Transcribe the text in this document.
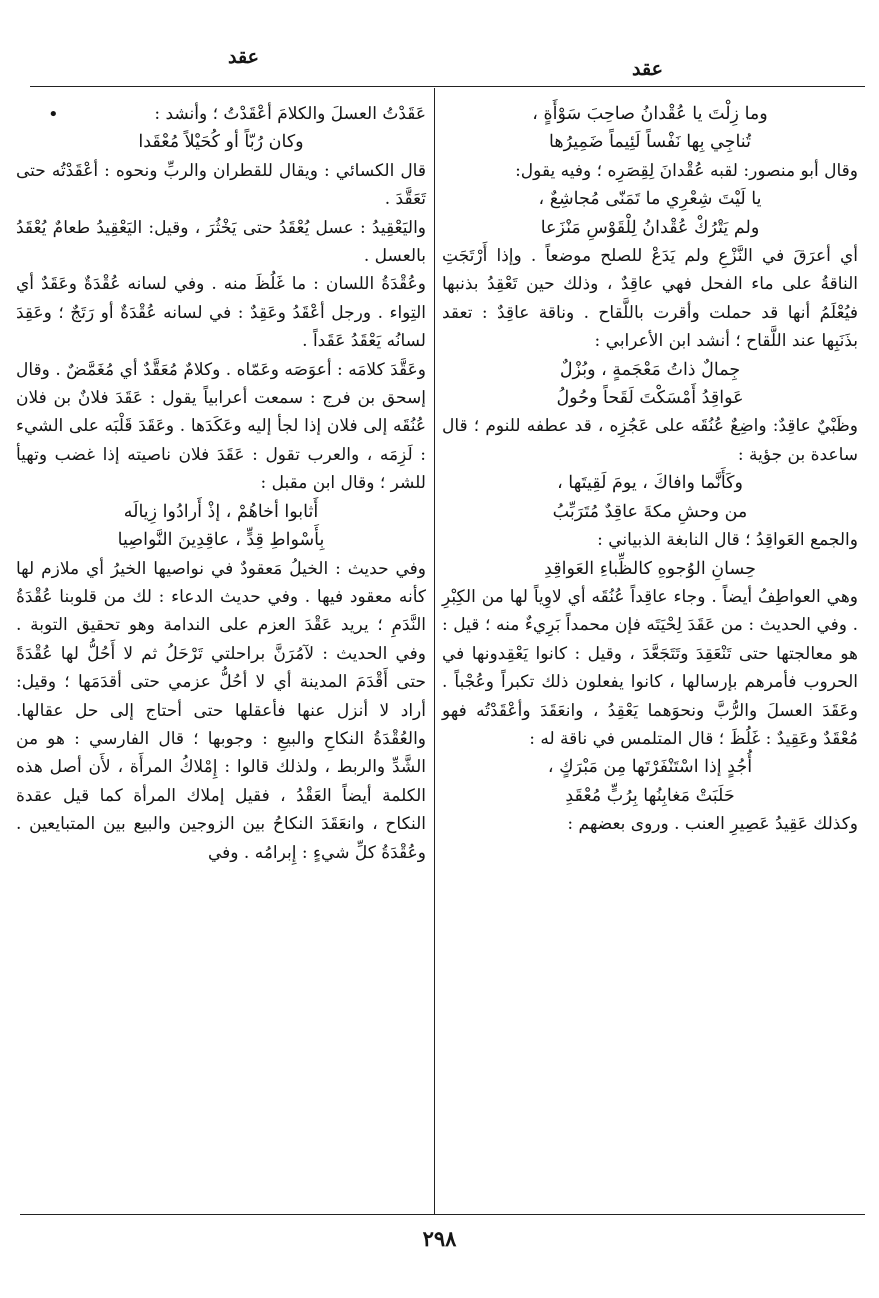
عقد
عقد
•	وما زِلْتَ يا عُقْدانُ صاحِبَ سَوْأَةٍ ،

تُناجِي بِها نَفْساً لَئِيماً ضَمِيرُها

وقال أبو منصور: لقبه عُقْدانَ لِقِصَرِه ؛ وفيه يقول:

يا لَيْتَ شِعْرِي ما تَمَنّى مُجاشِعٌ ،

ولم يَتْرُكْ عُقْدانُ لِلْقَوْسِ مَنْزَعا

أي أعرَقَ في النَّزْعِ ولم يَدَعْ للصلح موضعاً . وإذا أَرْتَجَتِ الناقةُ على ماء الفحل فهي عاقِدٌ ، وذلك حين تَعْقِدُ بذنبها فيُعْلَمُ أنها قد حملت وأقرت باللَّقاح . وناقة عاقِدٌ : تعقد بذَنَبِها عند اللَّقاح ؛ أنشد ابن الأعرابي :

جِمالٌ ذاتُ مَعْجَمةٍ ، وبُزْلٌ

عَواقِدُ أَمْسَكْتَ لَقَحاً وحُولُ

وظَبْيٌ عاقِدٌ: واضِعٌ عُنُقَه على عَجُزِه ، قد عطفه للنوم ؛ قال ساعدة بن جؤية :

وكَأَنَّما وافاكَ ، يومَ لَقِيتَها ،

من وحشِ مكةَ عاقِدٌ مُتَرَبِّبُ

والجمع العَواقِدُ ؛ قال النابغة الذبياني :

حِسانِ الوُجوهِ كالظِّباءِ العَواقِدِ

وهي العواطِفُ أيضاً . وجاء عاقِداً عُنُقَه أي لاوِياً لها من الكِبْرِ . وفي الحديث : من عَقَدَ لِحْيَتَه فإن محمداً بَرِيءٌ منه ؛ قيل : هو معالجتها حتى تَنْعَقِدَ وتَتَجَعَّدَ ، وقيل : كانوا يَعْقِدونها في الحروب فأمرهم بإرسالها ، كانوا يفعلون ذلك تكبراً وعُجْباً . وعَقَدَ العسلَ والرُّبَّ ونحوَهما يَعْقِدُ ، وانعَقَدَ وأعْقَدْتُه فهو مُعْقَدٌ وعَقِيدٌ : غَلُظَ ؛ قال المتلمس في ناقة له :

أُجُدٍ إذا اسْتَنْفَرْتَها مِن مَبْرَكٍ ،

حَلَبَتْ مَغابِنُها بِرُبٍّ مُعْقَدِ

وكذلك عَقِيدُ عَصِيرِ العنب . وروى بعضهم :

عَقَدْتُ العسلَ والكلامَ أعْقَدْتُ ؛ وأنشد :

وكان رُبّاً أو كُحَيْلاً مُعْقَدا

قال الكسائي : ويقال للقطران والربِّ ونحوه : أعْقَدْتُه حتى تَعَقَّدَ .

واليَعْقِيدُ : عسل يُعْقَدُ حتى يَخْثُرَ ، وقيل: اليَعْقِيدُ طعامٌ يُعْقَدُ بالعسل .

وعُقْدَةُ اللسان : ما غَلُظَ منه . وفي لسانه عُقْدَةٌ وعَقَدٌ أي التِواء . ورجل أعْقَدُ وعَقِدٌ : في لسانه عُقْدَةٌ أو رَتَجٌ ؛ وعَقِدَ لسانُه يَعْقَدُ عَقَداً .

وعَقَّدَ كلامَه : أعوَصَه وعَمّاه . وكلامٌ مُعَقَّدٌ أي مُغَمَّضٌ . وقال إسحق بن فرج : سمعت أعرابياً يقول : عَقَدَ فلانٌ بن فلان عُنُقَه إلى فلان إذا لجأ إليه وعَكَدَها . وعَقَدَ قَلْبَه على الشيء : لَزِمَه ، والعرب تقول : عَقَدَ فلان ناصيته إذا غضب وتهيأ للشر ؛ وقال ابن مقبل :

أَثابوا أخاهُمْ ، إذْ أَرادُوا زِيالَه

بِأَسْواطِ قِدٍّ ، عاقِدِينَ النَّواصِيا

وفي حديث : الخيلُ مَعقودٌ في نواصيها الخيرُ أي ملازم لها كأنه معقود فيها . وفي حديث الدعاء : لك من قلوبنا عُقْدَةُ النَّدَمِ ؛ يريد عَقْدَ العزم على الندامة وهو تحقيق التوبة . وفي الحديث : لآمُرَنَّ براحلتي تَرْحَلُ ثم لا أَحُلُّ لها عُقْدَةً حتى أَقْدَمَ المدينة أي لا أحُلُّ عزمي حتى أقدَمَها ؛ وقيل: أراد لا أنزل عنها فأعقلها حتى أحتاج إلى حل عقالها. والعُقْدَةُ النكاحِ والبيعِ : وجوبها ؛ قال الفارسي : هو من الشَّدِّ والربط ، ولذلك قالوا : إِمْلاكُ المرأَة ، لأَن أصل هذه الكلمة أيضاً العَقْدُ ، فقيل إملاك المرأة كما قيل عقدة النكاح ، وانعَقَدَ النكاحُ بين الزوجين والبيع بين المتبايعين . وعُقْدَةُ كلِّ شيءٍ : إِبرامُه . وفي

٢٩٨
